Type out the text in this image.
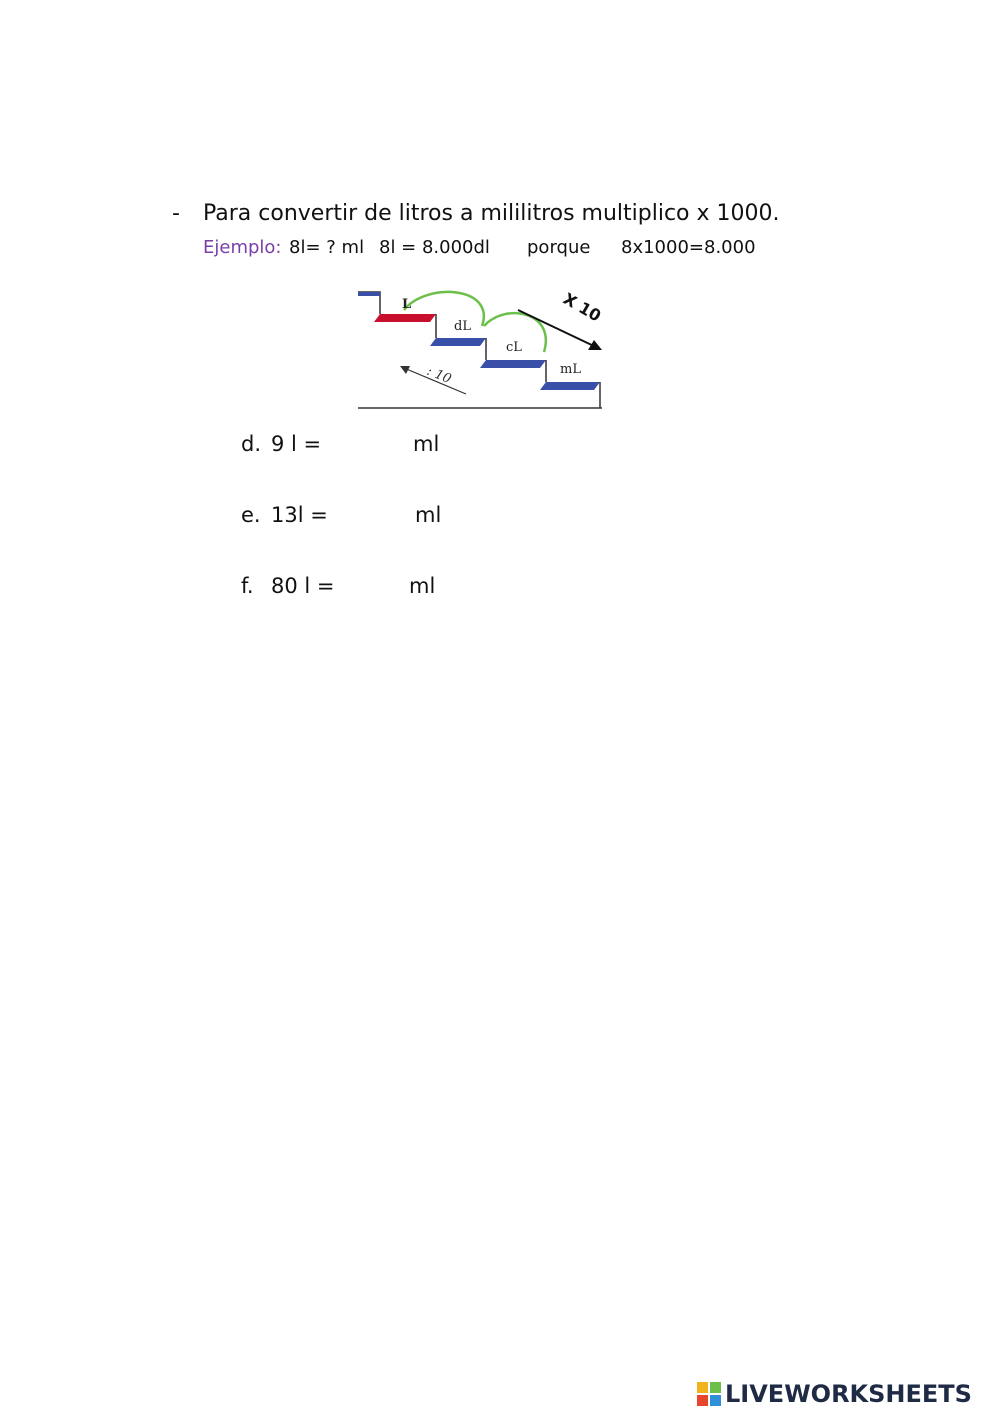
- Para convertir de litros a mililitros multiplico x 1000.
Ejemplo: 8l= ? ml 8l = 8.000dl porque 8x1000=8.000
L
dL
cL
mL
X 10
: 10
d. 9 l =	ml
e. 13l =	ml
f. 80 l =	ml
LIVEWORKSHEETS
